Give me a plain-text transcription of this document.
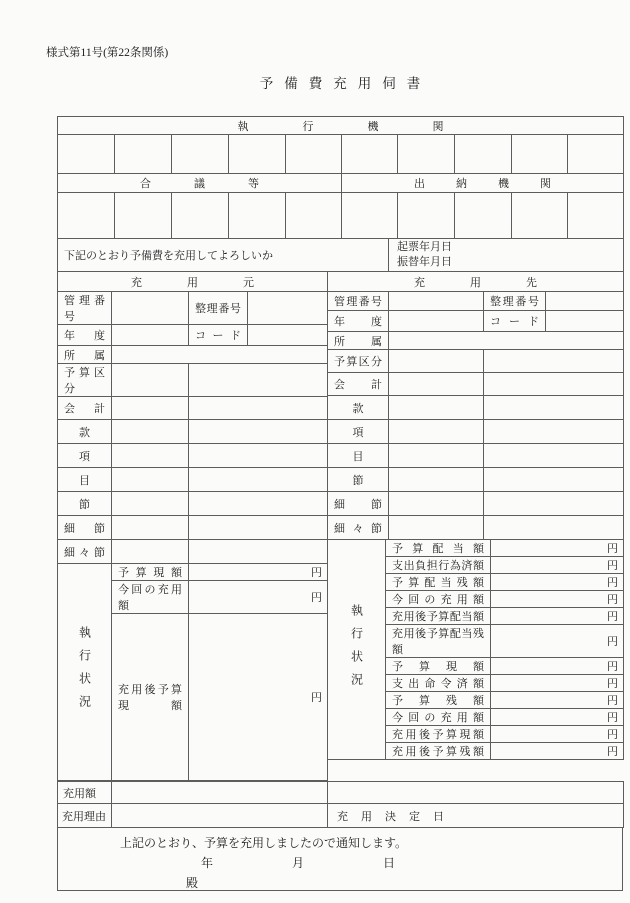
様式第11号(第22条関係)
予備費充用伺書
執行機関									

合議等					出納機関				

下記のとおり予備費を充用してよろしいか	
起票年月日
振替年月日
充用元	充用先
管理番号		整理番号	
年度		コード	
所属			
予算区分			
会計			
款			
項			
目			
節			
細節			
細々節			
執行状況	予算現額	円
	今回の充用額	円
	充用後予算現額	円
管理番号		整理番号	
年度		コード	
所属			
予算区分			
会計			
款			
項			
目			
節			
細節			
細々節			
執行状況	予算配当額	円
	支出負担行為済額	円
	予算配当残額	円
	今回の充用額	円
	充用後予算配当額	円
	充用後予算配当残額	円
	予算現額	円
	支出命令済額	円
	予算残額	円
	今回の充用額	円
	充用後予算現額	円
	充用後予算残額	円
充用額		
充用理由		充用決定日
上記のとおり、予算を充用しましたので通知します。
年	月	日
殿
